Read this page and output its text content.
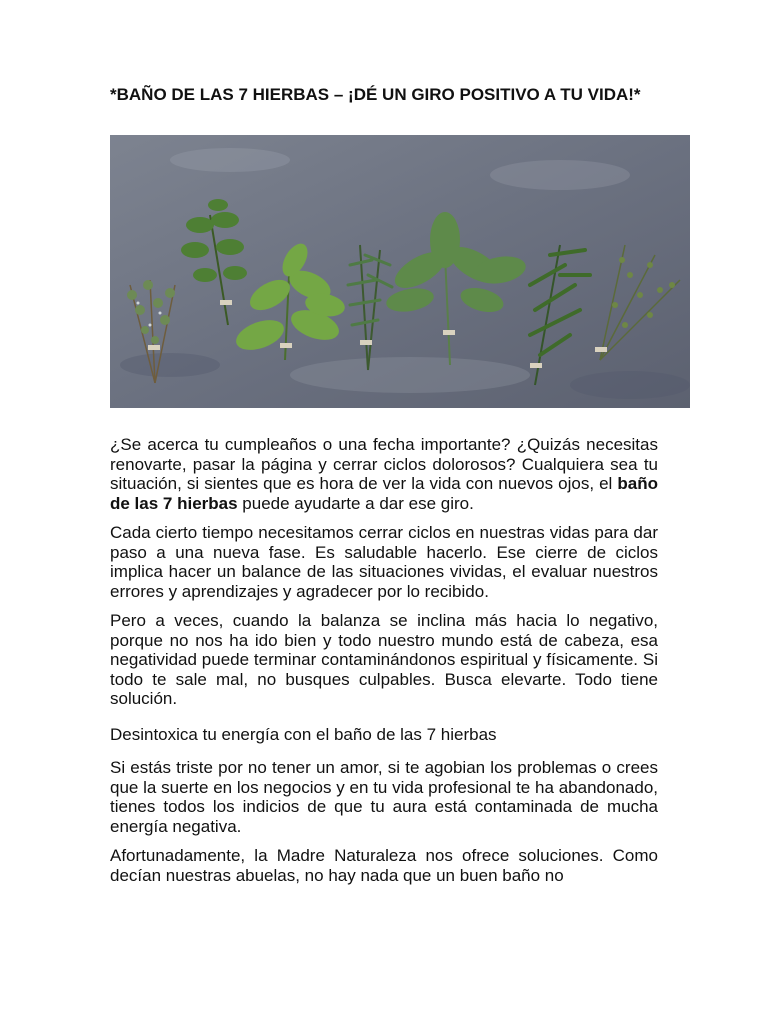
*BAÑO DE LAS 7 HIERBAS – ¡DÉ UN GIRO POSITIVO A TU VIDA!*

¿Se acerca tu cumpleaños o una fecha importante? ¿Quizás necesitas renovarte, pasar la página y cerrar ciclos dolorosos? Cualquiera sea tu situación, si sientes que es hora de ver la vida con nuevos ojos, el baño de las 7 hierbas puede ayudarte a dar ese giro.

Cada cierto tiempo necesitamos cerrar ciclos en nuestras vidas para dar paso a una nueva fase. Es saludable hacerlo. Ese cierre de ciclos implica hacer un balance de las situaciones vividas, el evaluar nuestros errores y aprendizajes y agradecer por lo recibido.

Pero a veces, cuando la balanza se inclina más hacia lo negativo, porque no nos ha ido bien y todo nuestro mundo está de cabeza, esa negatividad puede terminar contaminándonos espiritual y físicamente. Si todo te sale mal, no busques culpables. Busca elevarte. Todo tiene solución.

Desintoxica tu energía con el baño de las 7 hierbas

Si estás triste por no tener un amor, si te agobian los problemas o crees que la suerte en los negocios y en tu vida profesional te ha abandonado, tienes todos los indicios de que tu aura está contaminada de mucha energía negativa.

Afortunadamente, la Madre Naturaleza nos ofrece soluciones. Como decían nuestras abuelas, no hay nada que un buen baño no
